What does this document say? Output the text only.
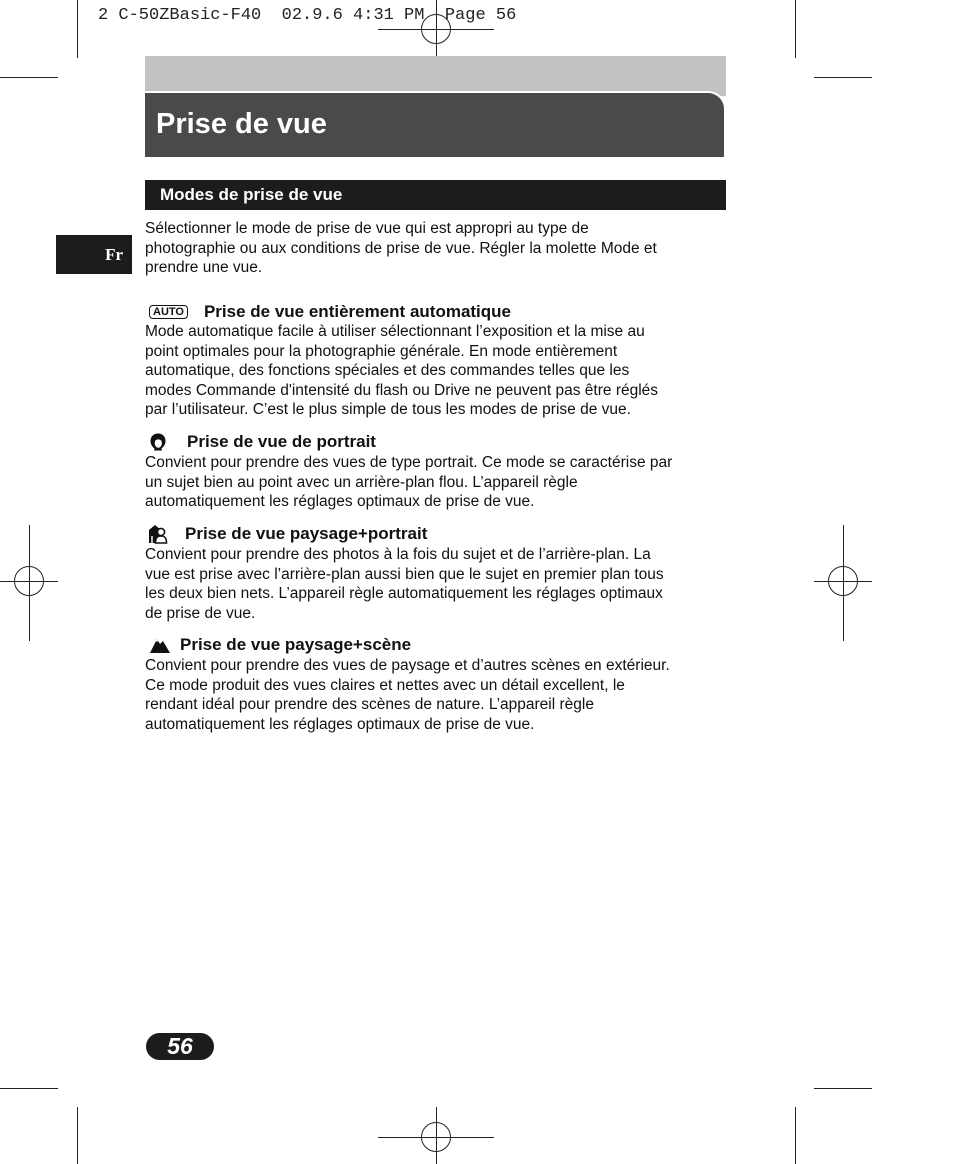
2 C-50ZBasic-F40  02.9.6 4:31 PM  Page 56
Prise de vue
Modes de prise de vue
Fr

Sélectionner le mode de prise de vue qui est appropri au type de
photographie ou aux conditions de prise de vue. Régler la molette Mode et
prendre une vue.

AUTO Prise de vue entièrement automatique

Mode automatique facile à utiliser sélectionnant l’exposition et la mise au
point optimales pour la photographie générale. En mode entièrement
automatique, des fonctions spéciales et des commandes telles que les
modes Commande d'intensité du flash ou Drive ne peuvent pas être réglés
par l’utilisateur. C’est le plus simple de tous les modes de prise de vue.

Prise de vue de portrait

Convient pour prendre des vues de type portrait. Ce mode se caractérise par
un sujet bien au point avec un arrière-plan flou. L’appareil règle
automatiquement les réglages optimaux de prise de vue.

Prise de vue paysage+portrait

Convient pour prendre des photos à la fois du sujet et de l’arrière-plan. La
vue est prise avec l’arrière-plan aussi bien que le sujet en premier plan tous
les deux bien nets. L’appareil règle automatiquement les réglages optimaux
de prise de vue.

Prise de vue paysage+scène

Convient pour prendre des vues de paysage et d’autres scènes en extérieur.
Ce mode produit des vues claires et nettes avec un détail excellent, le
rendant idéal pour prendre des scènes de nature. L’appareil règle
automatiquement les réglages optimaux de prise de vue.

56
